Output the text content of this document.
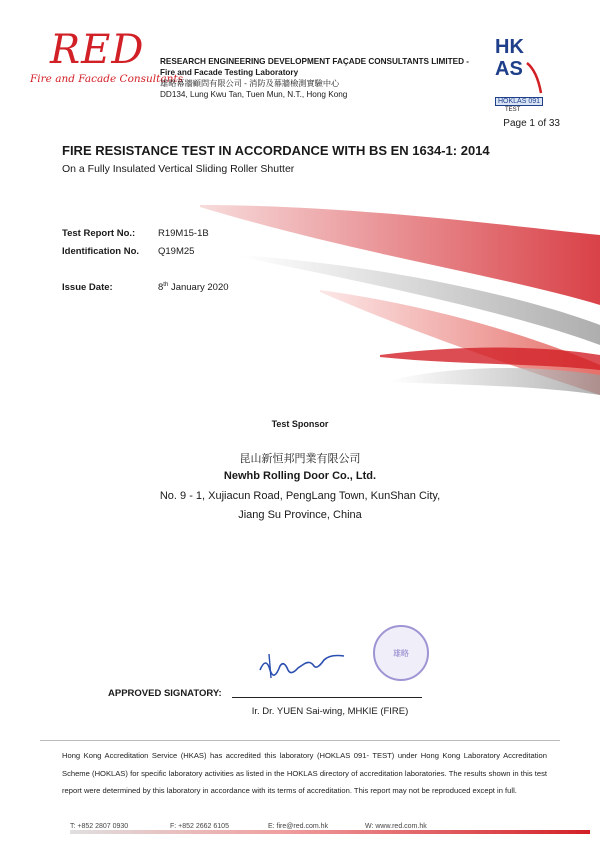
RED
Fire and Facade Consultants
RESEARCH ENGINEERING DEVELOPMENT FAÇADE CONSULTANTS LIMITED -
Fire and Facade Testing Laboratory
雄略幕牆顧問有限公司 - 消防及幕牆檢測實驗中心
DD134, Lung Kwu Tan, Tuen Mun, N.T., Hong Kong
HK
AS
HOKLAS 091
TEST
Page 1 of 33
FIRE RESISTANCE TEST IN ACCORDANCE WITH BS EN 1634-1: 2014
On a Fully Insulated Vertical Sliding Roller Shutter
Test Report No.: R19M15-1B
Identification No. Q19M25
Issue Date:	8th January 2020
Test Sponsor
昆山新恒邦門業有限公司
Newhb Rolling Door Co., Ltd.
No. 9 - 1, Xujiacun Road, PengLang Town, KunShan City,
Jiang Su Province, China
雄略
APPROVED SIGNATORY:
Ir. Dr. YUEN Sai-wing, MHKIE (FIRE)
Hong Kong Accreditation Service (HKAS) has accredited this laboratory (HOKLAS 091- TEST) under Hong Kong Laboratory Accreditation Scheme (HOKLAS) for specific laboratory activities as listed in the HOKLAS directory of accreditation laboratories. The results shown in this test report were determined by this laboratory in accordance with its terms of accreditation. This report may not be reproduced except in full.
T: +852 2807 0930	F: +852 2662 6105	E: fire@red.com.hk	W: www.red.com.hk
